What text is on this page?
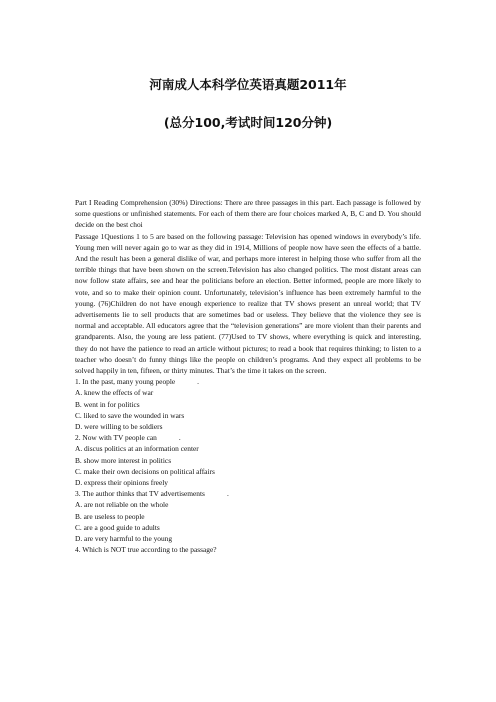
河南成人本科学位英语真题2011年
(总分100,考试时间120分钟)

Part I Reading Comprehension (30%) Directions: There are three passages in this part. Each passage is followed by some questions or unfinished statements. For each of them there are four choices marked A, B, C and D. You should decide on the best choi

Passage 1Questions 1 to 5 are based on the following passage: Television has opened windows in everybody’s life. Young men will never again go to war as they did in 1914, Millions of people now have seen the effects of a battle. And the result has been a general dislike of war, and perhaps more interest in helping those who suffer from all the terrible things that have been shown on the screen.Television has also changed politics. The most distant areas can now follow state affairs, see and hear the politicians before an election. Better informed, people are more likely to vote, and so to make their opinion count. Unfortunately, television’s influence has been extremely harmful to the young. (76)Children do not have enough experience to realize that TV shows present an unreal world; that TV advertisements lie to sell products that are sometimes bad or useless. They believe that the violence they see is normal and acceptable. All educators agree that the “television generations” are more violent than their parents and grandparents. Also, the young are less patient. (77)Used to TV shows, where everything is quick and interesting, they do not have the patience to read an article without pictures; to read a book that requires thinking; to listen to a teacher who doesn’t do funny things like the people on children’s programs. And they expect all problems to be solved happily in ten, fifteen, or thirty minutes. That’s the time it takes on the screen.

1. In the past, many young people	.
A. knew the effects of war
B. went in for politics
C. liked to save the wounded in wars
D. were willing to be soldiers
2. Now with TV people can	.
A. discus politics at an information center
B. show more interest in politics
C. make their own decisions on political affairs
D. express their opinions freely
3. The author thinks that TV advertisements	.
A. are not reliable on the whole
B. are useless to people
C. are a good guide to adults
D. are very harmful to the young
4. Which is NOT true according to the passage?
